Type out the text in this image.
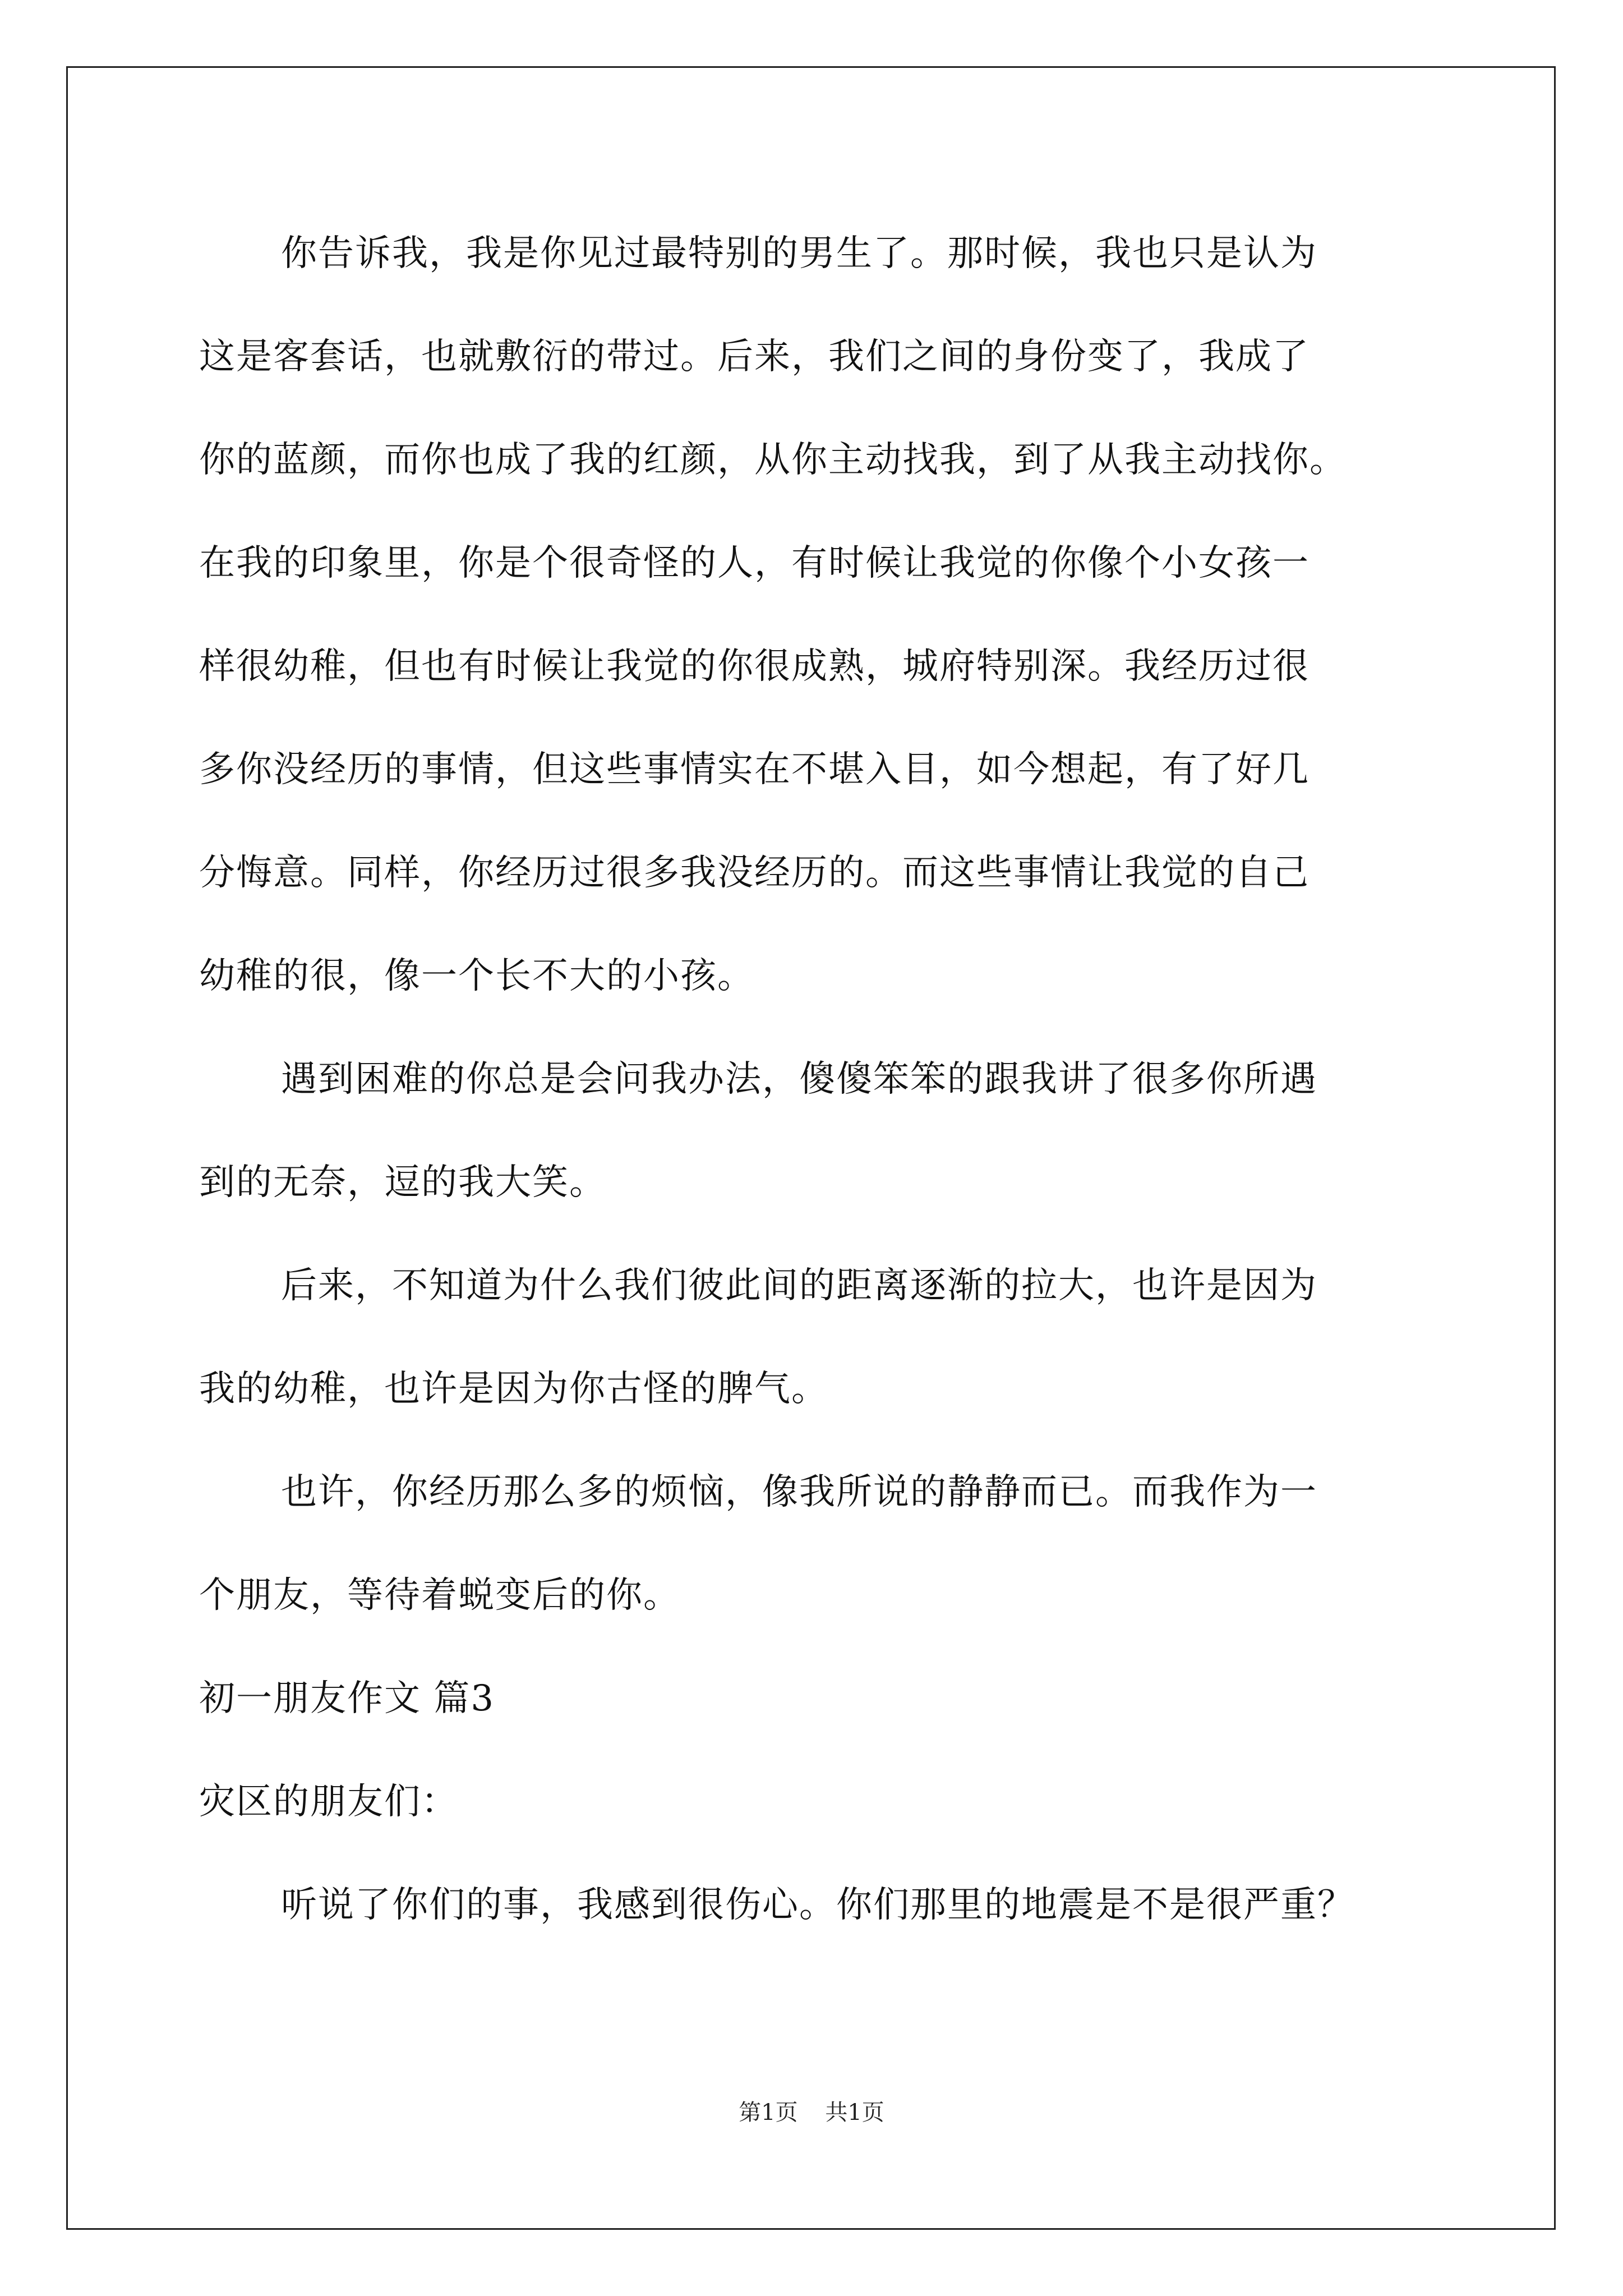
你告诉我，我是你见过最特别的男生了。那时候，我也只是认为
这是客套话，也就敷衍的带过。后来，我们之间的身份变了，我成了
你的蓝颜，而你也成了我的红颜，从你主动找我，到了从我主动找你。
在我的印象里，你是个很奇怪的人，有时候让我觉的你像个小女孩一
样很幼稚，但也有时候让我觉的你很成熟，城府特别深。我经历过很
多你没经历的事情，但这些事情实在不堪入目，如今想起，有了好几
分悔意。同样，你经历过很多我没经历的。而这些事情让我觉的自己
幼稚的很，像一个长不大的小孩。
遇到困难的你总是会问我办法，傻傻笨笨的跟我讲了很多你所遇
到的无奈，逗的我大笑。
后来，不知道为什么我们彼此间的距离逐渐的拉大，也许是因为
我的幼稚，也许是因为你古怪的脾气。
也许，你经历那么多的烦恼，像我所说的静静而已。而我作为一
个朋友，等待着蜕变后的你。
初一朋友作文 篇3
灾区的朋友们：
听说了你们的事，我感到很伤心。你们那里的地震是不是很严重？
第1页 共1页
